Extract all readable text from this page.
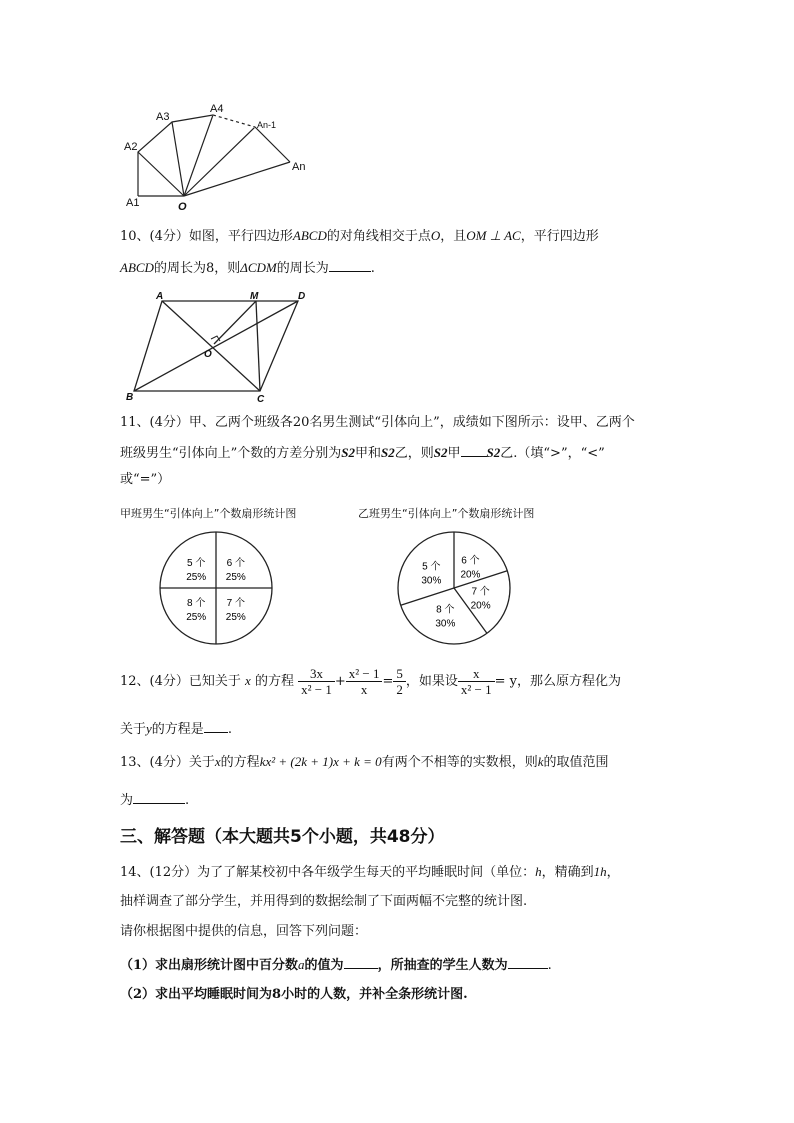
A1
A2
A3
A4
An-1
An
O
10、(4分）如图，平行四边形ABCD的对角线相交于点O，且OM ⊥ AC，平行四边形
ABCD的周长为8，则ΔCDM的周长为	.
A	M	D
O
B	C
11、(4分）甲、乙两个班级各20名男生测试“引体向上”，成绩如下图所示：设甲、乙两个
班级男生“引体向上”个数的方差分别为S2甲和S2乙，则S2甲 S2乙.（填“>”，“<”
或“=”）
甲班男生“引体向上”个数扇形统计图	乙班男生“引体向上”个数扇形统计图
6 个
25%
7 个
25%
8 个
25%
5 个
25%
6 个
20%
7 个
20%
8 个
30%
5 个
30%
12、(4分）已知关于 x 的方程 $\frac{3x}{\text{x² − 1}} + \frac{\text{x² − 1}}{x} = \frac{5}{2}$ ，如果设 $\frac{x}{\text{x² − 1}} = y$，那么原方程化为
关于y的方程是 .
13、(4分）关于x的方程kx² + (2k + 1)x + k = 0有两个不相等的实数根，则k的取值范围
为	.
三、解答题（本大题共5个小题，共48分）
14、(12分）为了了解某校初中各年级学生每天的平均睡眠时间（单位：h，精确到1h，
抽样调查了部分学生，并用得到的数据绘制了下面两幅不完整的统计图.
请你根据图中提供的信息，回答下列问题：
（1）求出扇形统计图中百分数a的值为	，所抽查的学生人数为	.
（2）求出平均睡眠时间为8小时的人数，并补全条形统计图.
